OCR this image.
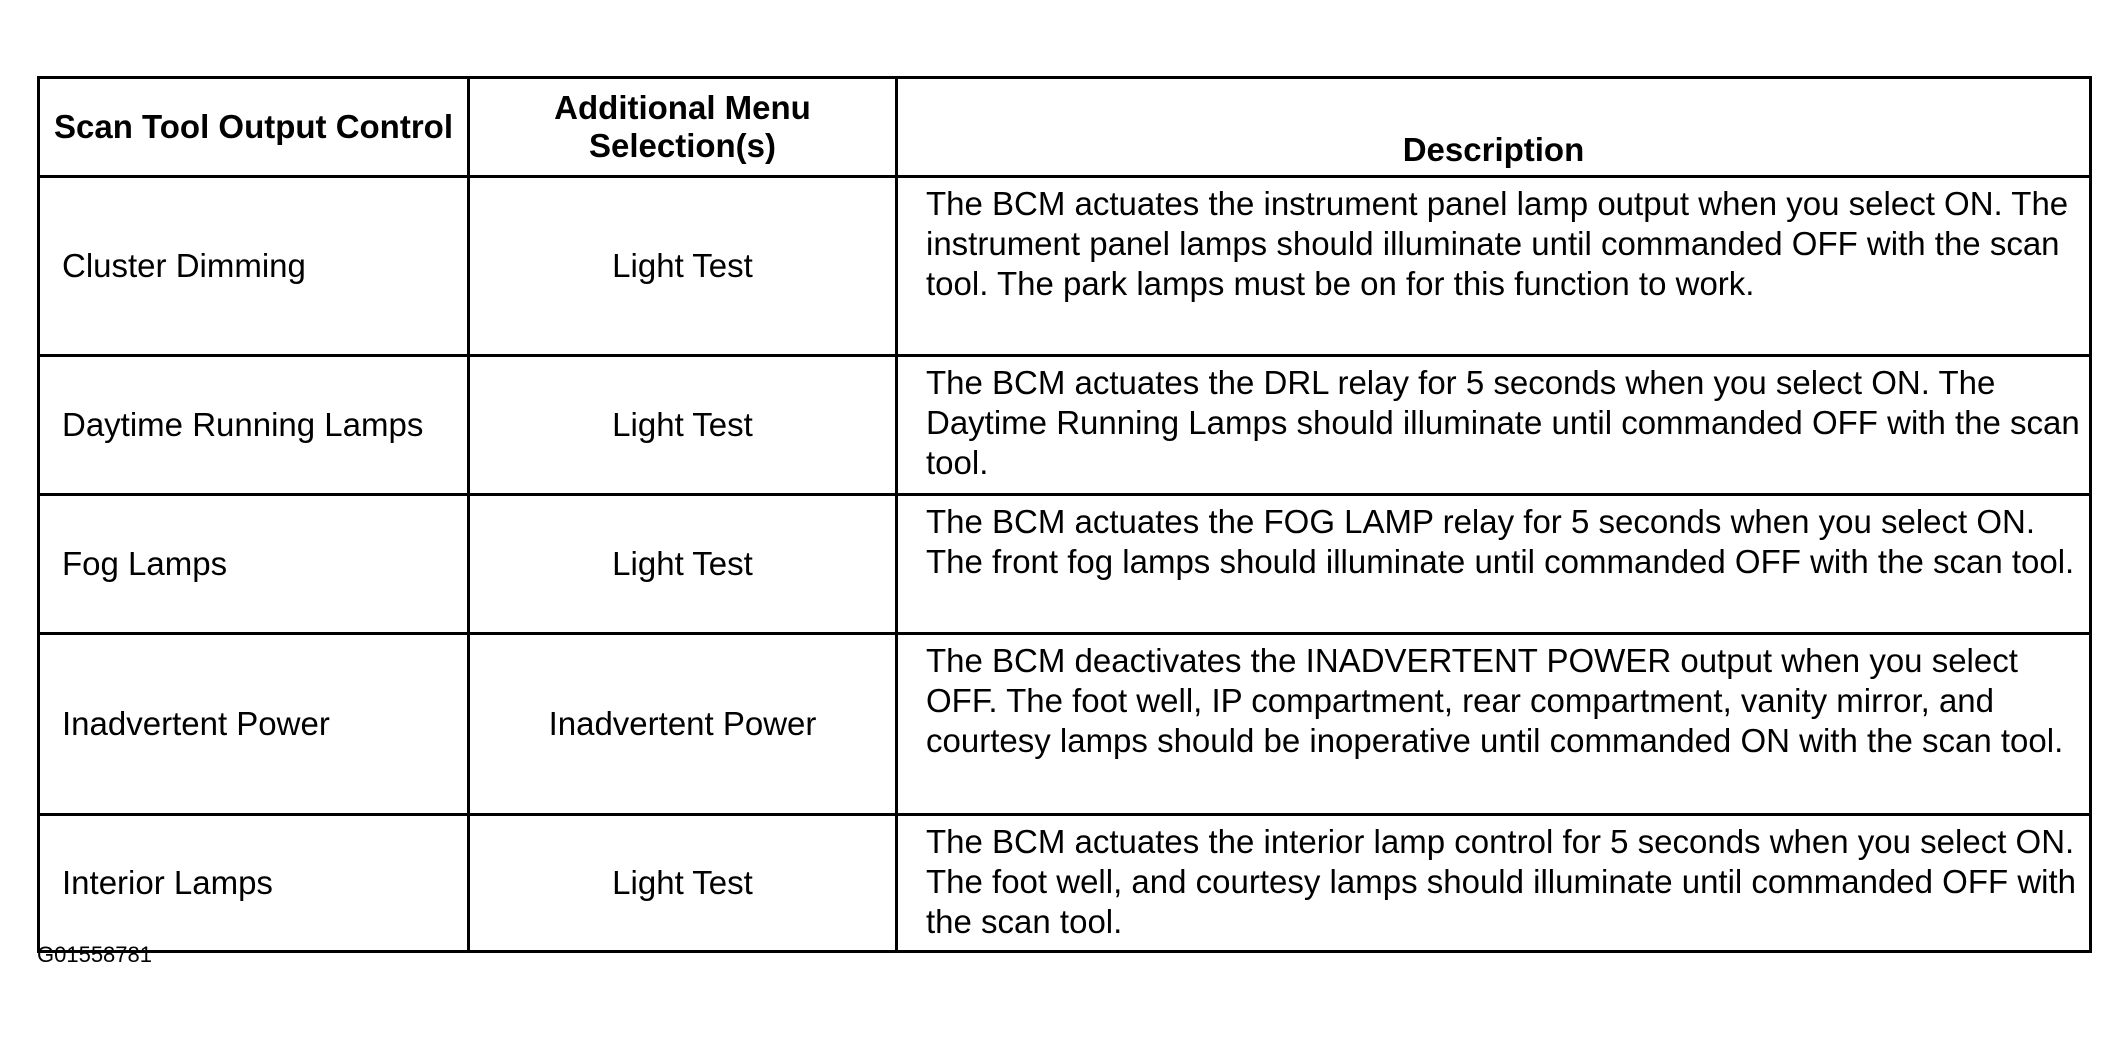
Scan Tool Output Control	Additional Menu Selection(s)	Description
Cluster Dimming	Light Test	The BCM actuates the instrument panel lamp output when you select ON. The instrument panel lamps should illuminate until commanded OFF with the scan tool. The park lamps must be on for this function to work.
Daytime Running Lamps	Light Test	The BCM actuates the DRL relay for 5 seconds when you select ON. The Daytime Running Lamps should illuminate until commanded OFF with the scan tool.
Fog Lamps	Light Test	The BCM actuates the FOG LAMP relay for 5 seconds when you select ON. The front fog lamps should illuminate until commanded OFF with the scan tool.
Inadvertent Power	Inadvertent Power	The BCM deactivates the INADVERTENT POWER output when you select OFF. The foot well, IP compartment, rear compartment, vanity mirror, and courtesy lamps should be inoperative until commanded ON with the scan tool.
Interior Lamps	Light Test	The BCM actuates the interior lamp control for 5 seconds when you select ON. The foot well, and courtesy lamps should illuminate until commanded OFF with the scan tool.
G01558781
